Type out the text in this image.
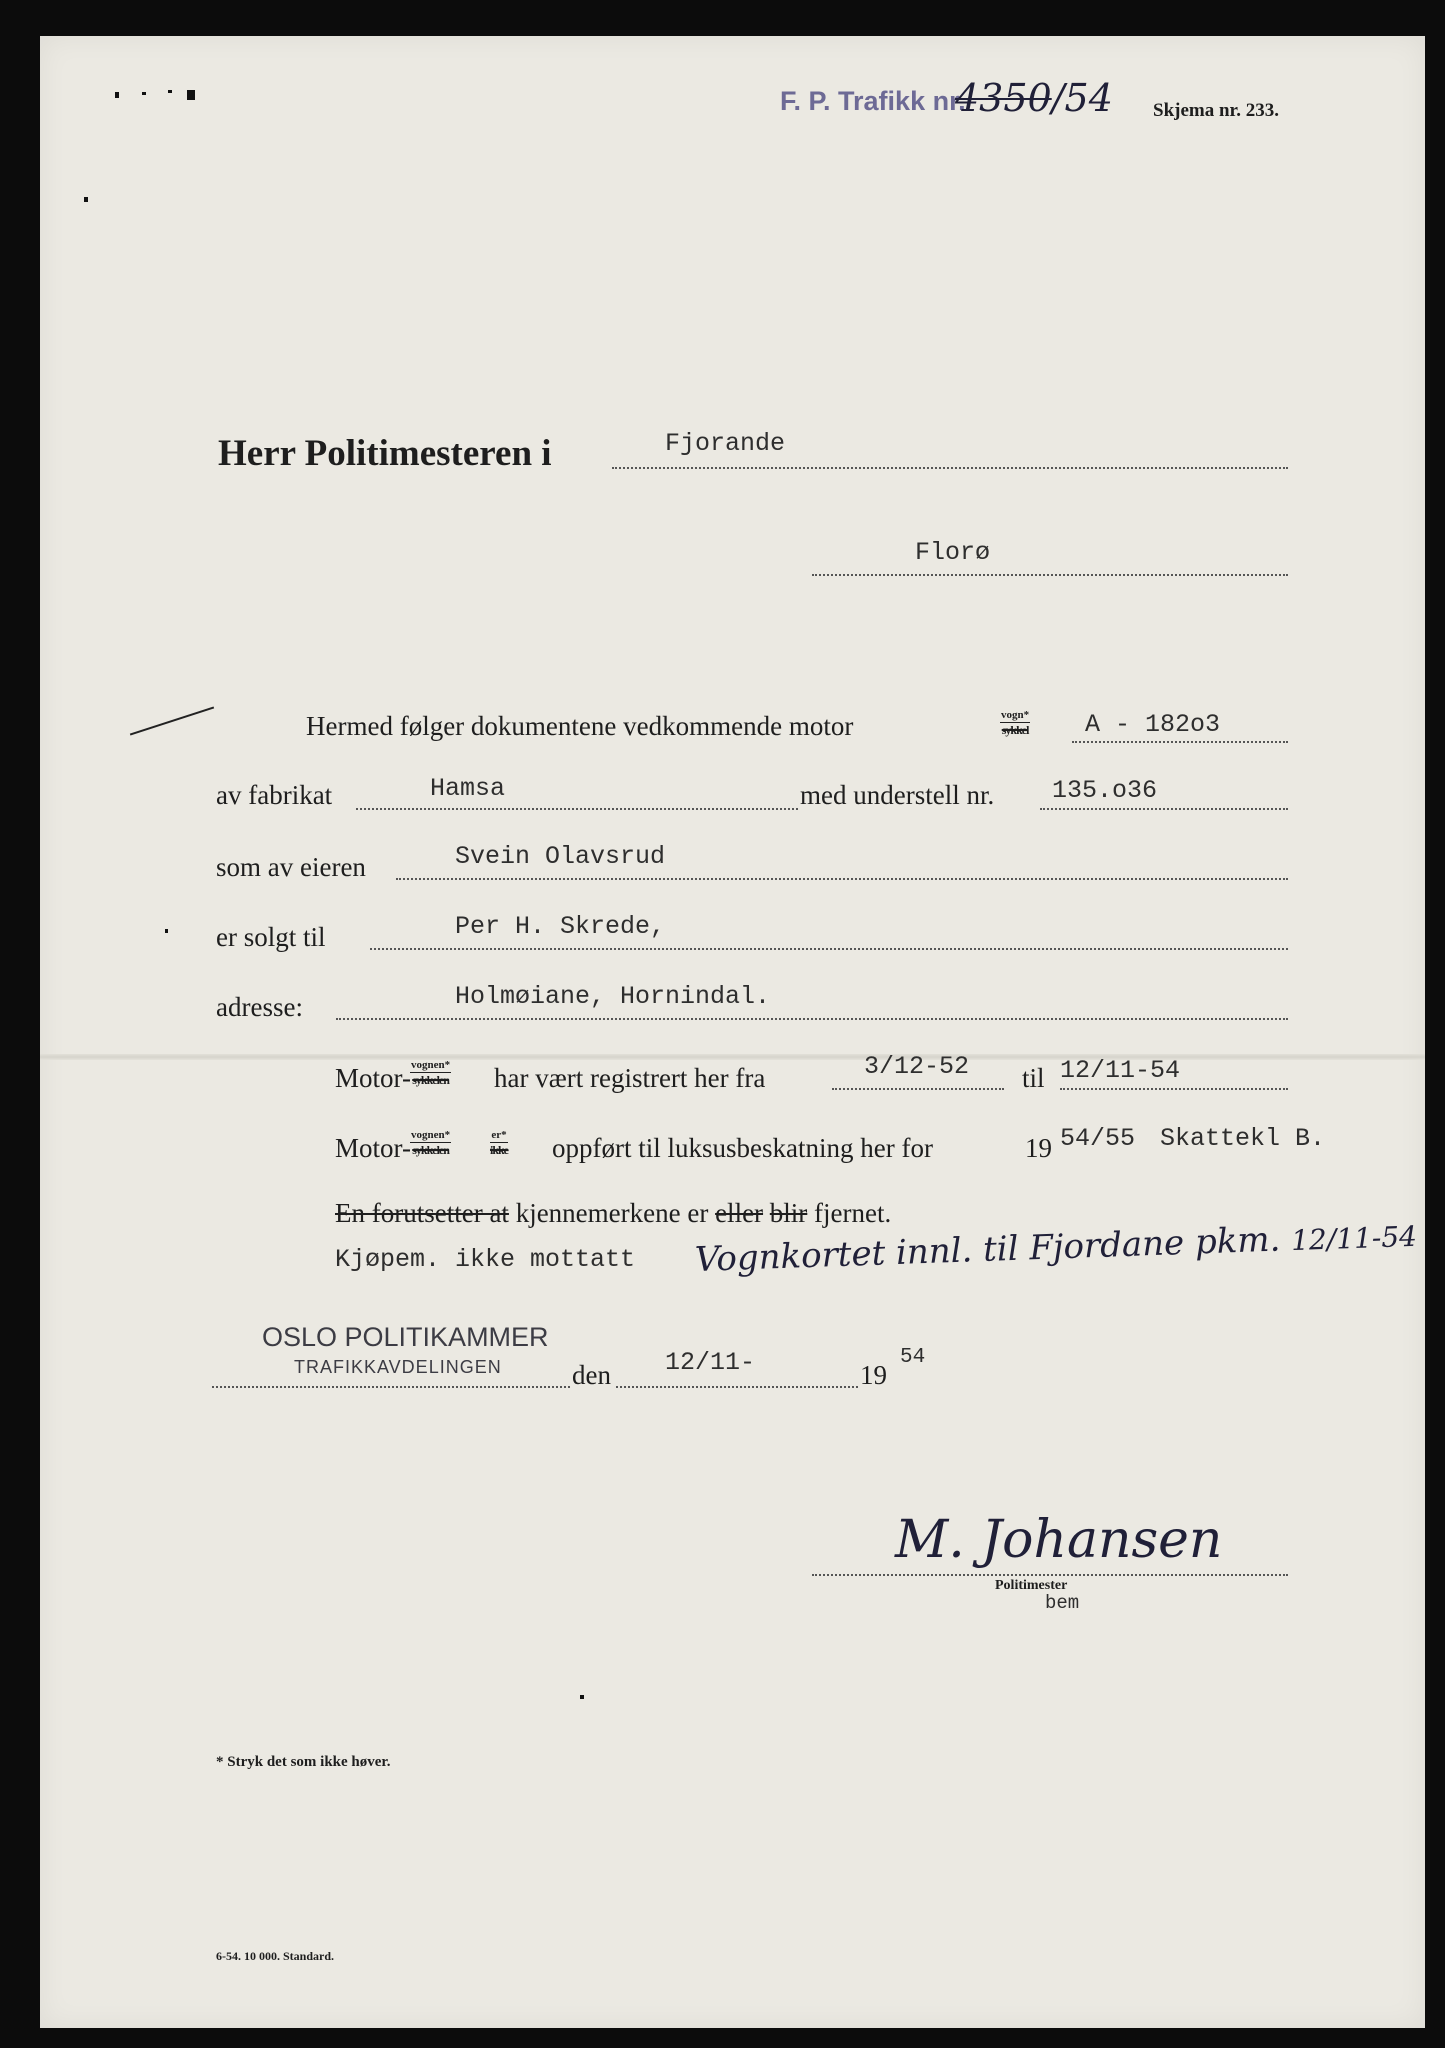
F. P. Trafikk nr.
4350/54 Skjema nr. 233.
Herr Politimesteren i	Fjorande
Florø
Hermed følger dokumentene vedkommende motor	vogn*
sykkel A - 182o3
av fabrikat	Hamsa	med understell nr. 135.o36
som av eieren	Svein Olavsrud
er solgt til	Per H. Skrede,
adresse:	Holmøiane, Hornindal.
Motor- vognen*
sykkelen har vært registrert her fra	3/12-52 til 12/11-54
Motor- vognen*
sykkelen
er*
ikke oppført til luksusbeskatning her for	19 54/55 Skattekl B.
En forutsetter at kjennemerkene er eller blir fjernet.
Kjøpem. ikke mottatt Vognkortet innl. til Fjordane pkm. 12/11-54
OSLO POLITIKAMMER
TRAFIKKAVDELINGEN	den 12/11-	19
54
M. Johansen
Politimester
bem
* Stryk det som ikke høver.
6-54. 10 000. Standard.
